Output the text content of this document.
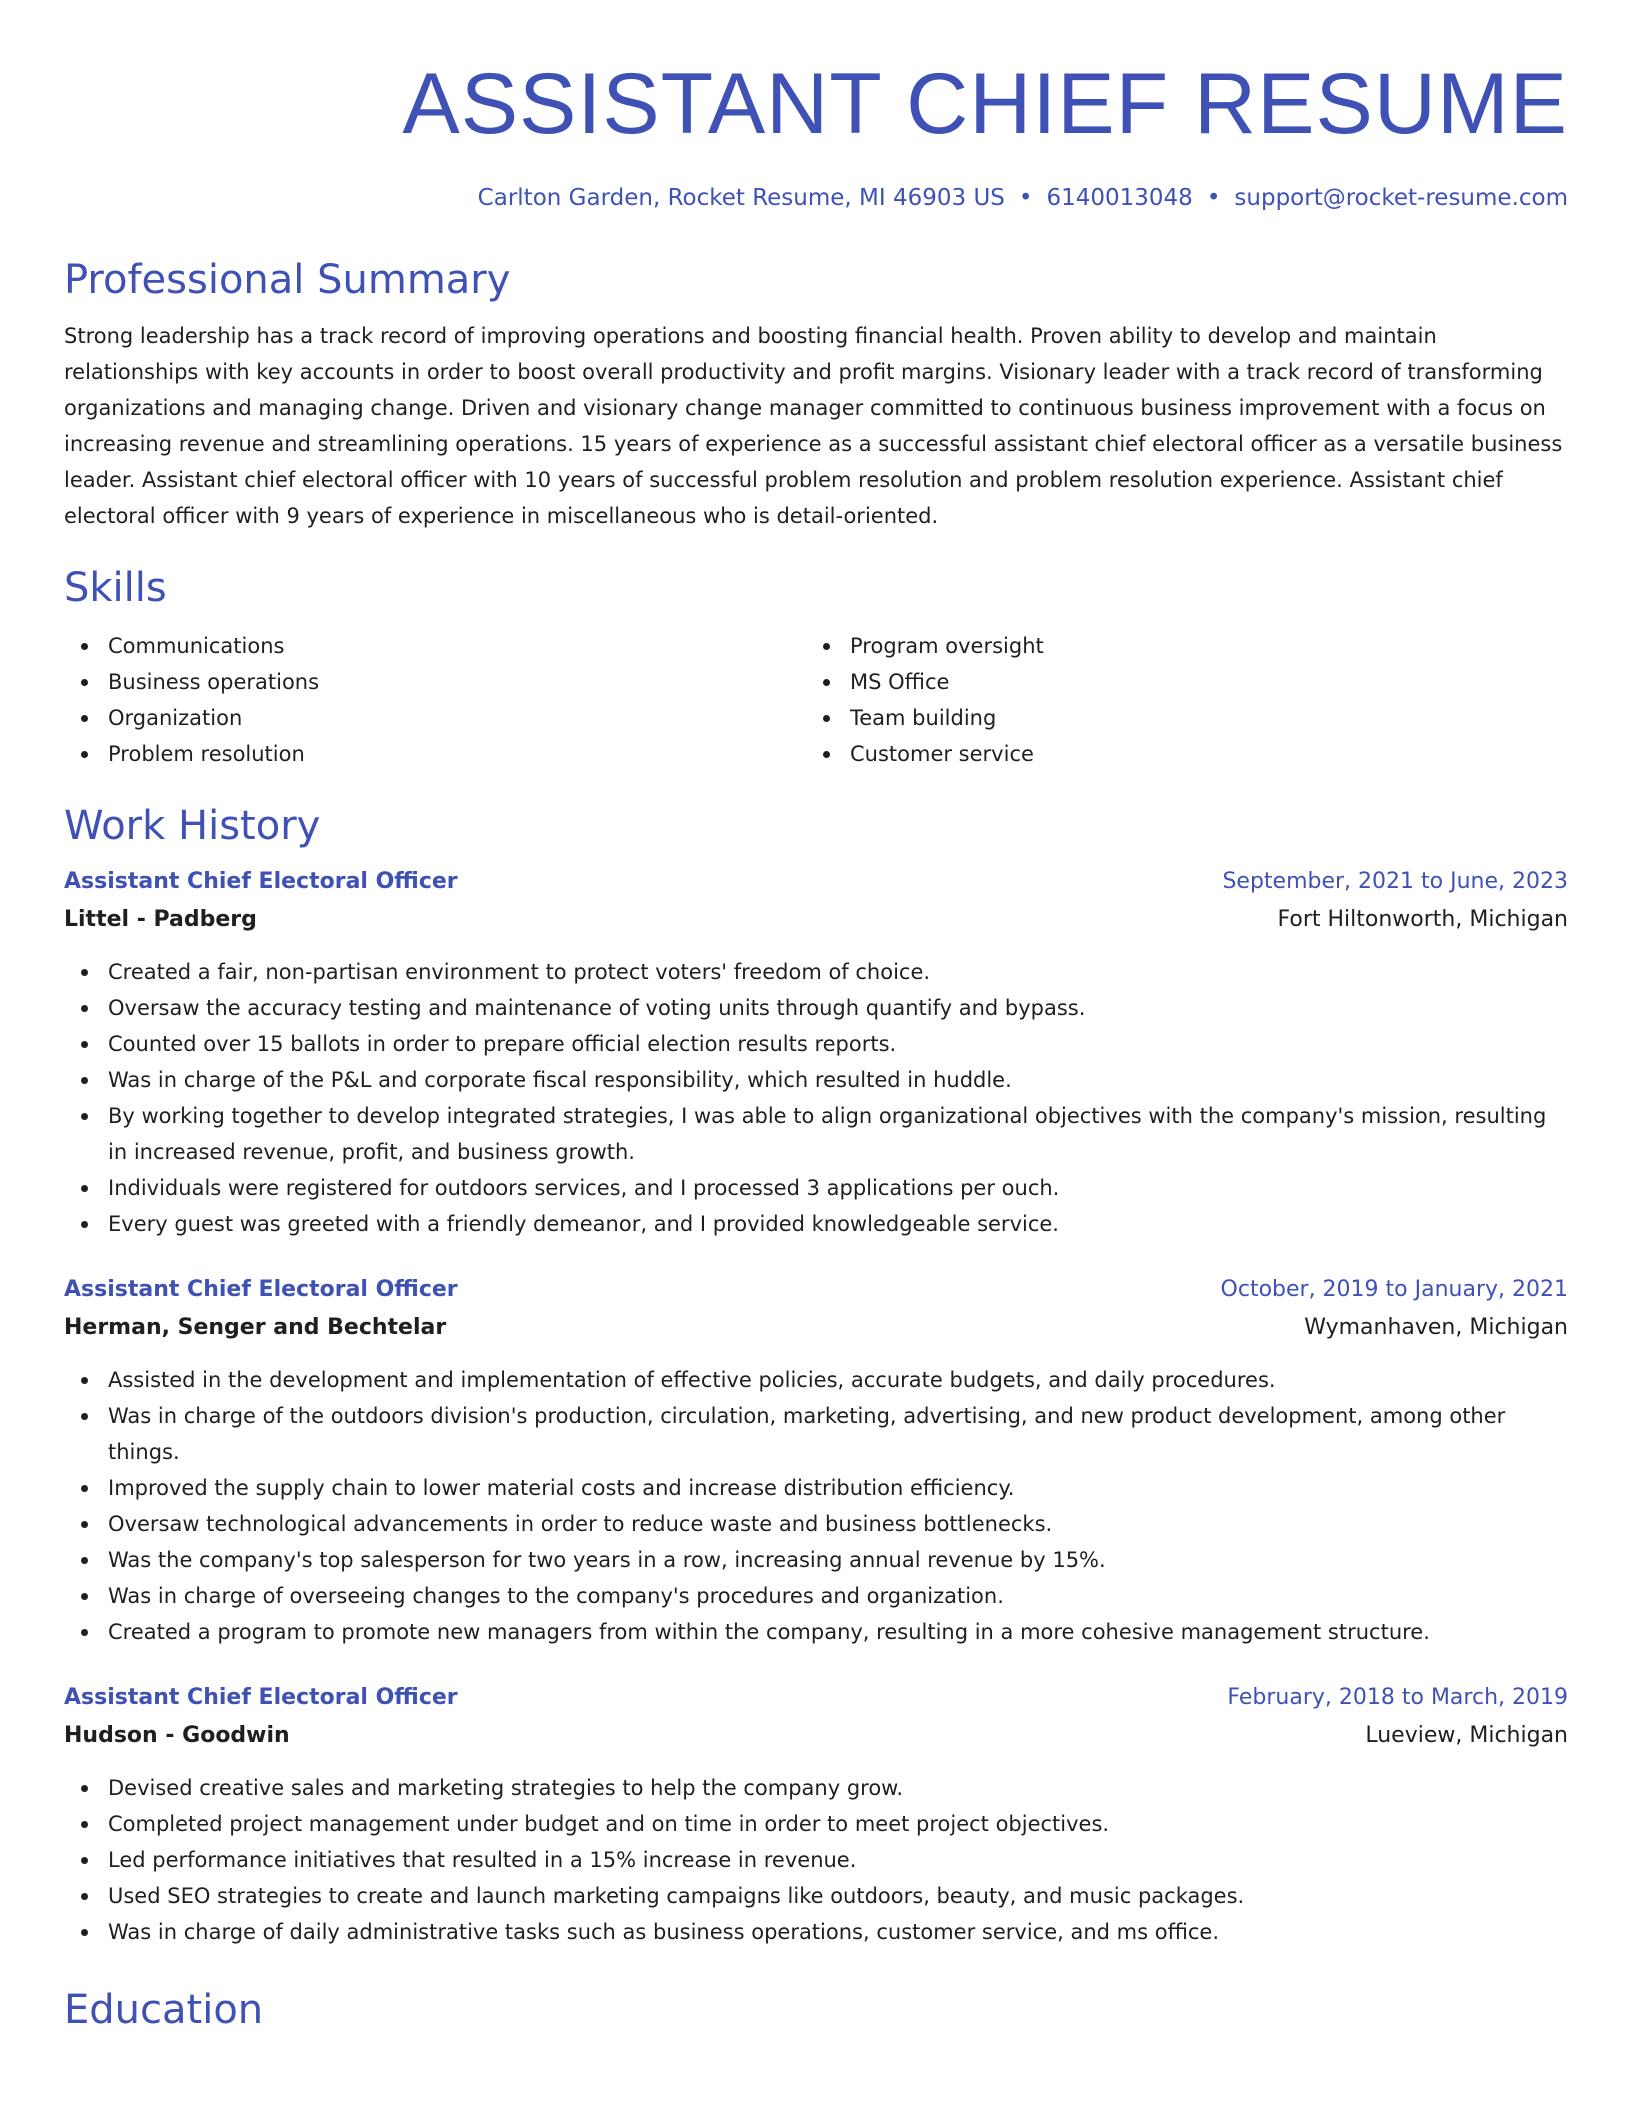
ASSISTANT CHIEF RESUME
Carlton Garden, Rocket Resume, MI 46903 US • 6140013048 • support@rocket-resume.com
Professional Summary

Strong leadership has a track record of improving operations and boosting financial health. Proven ability to develop and maintain relationships with key accounts in order to boost overall productivity and profit margins. Visionary leader with a track record of transforming organizations and managing change. Driven and visionary change manager committed to continuous business improvement with a focus on increasing revenue and streamlining operations. 15 years of experience as a successful assistant chief electoral officer as a versatile business leader. Assistant chief electoral officer with 10 years of successful problem resolution and problem resolution experience. Assistant chief electoral officer with 9 years of experience in miscellaneous who is detail-oriented.

Skills
Communications
Business operations
Organization
Problem resolution
Program oversight
MS Office
Team building
Customer service
Work History
Assistant Chief Electoral Officer	September, 2021 to June, 2023
Littel - Padberg	Fort Hiltonworth, Michigan
Created a fair, non-partisan environment to protect voters' freedom of choice.
Oversaw the accuracy testing and maintenance of voting units through quantify and bypass.
Counted over 15 ballots in order to prepare official election results reports.
Was in charge of the P&L and corporate fiscal responsibility, which resulted in huddle.
By working together to develop integrated strategies, I was able to align organizational objectives with the company's mission, resulting in increased revenue, profit, and business growth.
Individuals were registered for outdoors services, and I processed 3 applications per ouch.
Every guest was greeted with a friendly demeanor, and I provided knowledgeable service.
Assistant Chief Electoral Officer	October, 2019 to January, 2021
Herman, Senger and Bechtelar	Wymanhaven, Michigan
Assisted in the development and implementation of effective policies, accurate budgets, and daily procedures.
Was in charge of the outdoors division's production, circulation, marketing, advertising, and new product development, among other things.
Improved the supply chain to lower material costs and increase distribution efficiency.
Oversaw technological advancements in order to reduce waste and business bottlenecks.
Was the company's top salesperson for two years in a row, increasing annual revenue by 15%.
Was in charge of overseeing changes to the company's procedures and organization.
Created a program to promote new managers from within the company, resulting in a more cohesive management structure.
Assistant Chief Electoral Officer	February, 2018 to March, 2019
Hudson - Goodwin	Lueview, Michigan
Devised creative sales and marketing strategies to help the company grow.
Completed project management under budget and on time in order to meet project objectives.
Led performance initiatives that resulted in a 15% increase in revenue.
Used SEO strategies to create and launch marketing campaigns like outdoors, beauty, and music packages.
Was in charge of daily administrative tasks such as business operations, customer service, and ms office.
Education
